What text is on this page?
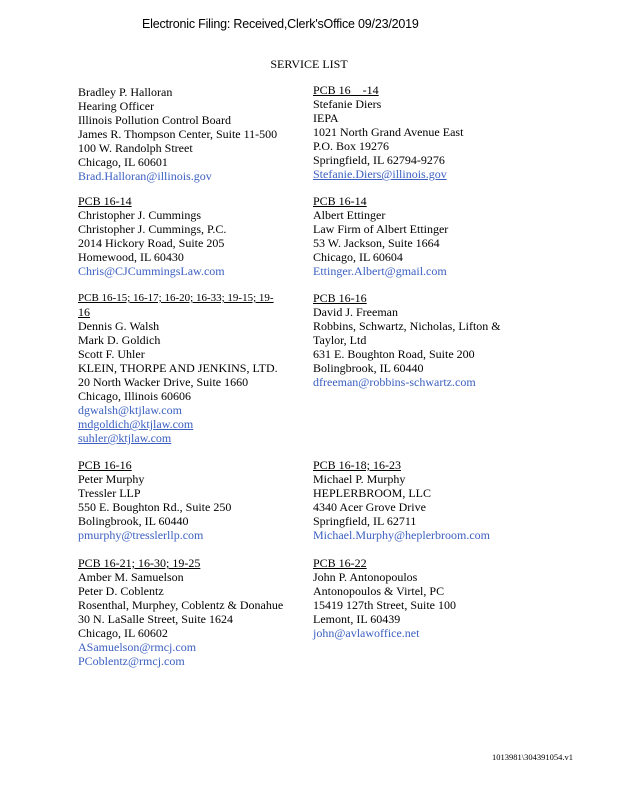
Electronic Filing: Received,Clerk'sOffice 09/23/2019
SERVICE LIST
Bradley P. Halloran
Hearing Officer
Illinois Pollution Control Board
James R. Thompson Center, Suite 11-500
100 W. Randolph Street
Chicago, IL 60601
Brad.Halloran@illinois.gov
PCB 16    -14
Stefanie Diers
IEPA
1021 North Grand Avenue East
P.O. Box 19276
Springfield, IL 62794-9276
Stefanie.Diers@illinois.gov
PCB 16-14
Christopher J. Cummings
Christopher J. Cummings, P.C.
2014 Hickory Road, Suite 205
Homewood, IL 60430
Chris@CJCummingsLaw.com
PCB 16-14
Albert Ettinger
Law Firm of Albert Ettinger
53 W. Jackson, Suite 1664
Chicago, IL 60604
Ettinger.Albert@gmail.com
PCB 16-15; 16-17; 16-20; 16-33; 19-15; 19-
16
Dennis G. Walsh
Mark D. Goldich
Scott F. Uhler
KLEIN, THORPE AND JENKINS, LTD.
20 North Wacker Drive, Suite 1660
Chicago, Illinois 60606
dgwalsh@ktjlaw.com
mdgoldich@ktjlaw.com
suhler@ktjlaw.com
PCB 16-16
David J. Freeman
Robbins, Schwartz, Nicholas, Lifton &
Taylor, Ltd
631 E. Boughton Road, Suite 200
Bolingbrook, IL 60440
dfreeman@robbins-schwartz.com
PCB 16-16
Peter Murphy
Tressler LLP
550 E. Boughton Rd., Suite 250
Bolingbrook, IL 60440
pmurphy@tresslerllp.com
PCB 16-18; 16-23
Michael P. Murphy
HEPLERBROOM, LLC
4340 Acer Grove Drive
Springfield, IL 62711
Michael.Murphy@heplerbroom.com
PCB 16-21; 16-30; 19-25
Amber M. Samuelson
Peter D. Coblentz
Rosenthal, Murphey, Coblentz & Donahue
30 N. LaSalle Street, Suite 1624
Chicago, IL 60602
ASamuelson@rmcj.com
PCoblentz@rmcj.com
PCB 16-22
John P. Antonopoulos
Antonopoulos & Virtel, PC
15419 127th Street, Suite 100
Lemont, IL 60439
john@avlawoffice.net
1013981\304391054.v1
